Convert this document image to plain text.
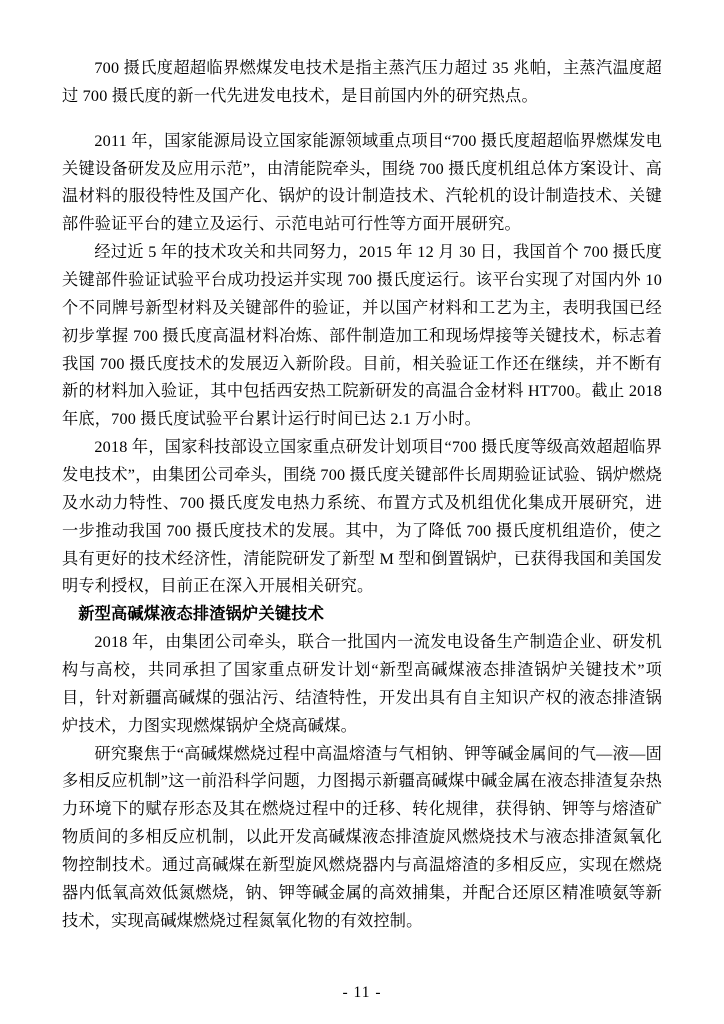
700 摄氏度超超临界燃煤发电技术是指主蒸汽压力超过 35 兆帕，主蒸汽温度超过 700 摄氏度的新一代先进发电技术，是目前国内外的研究热点。

2011 年，国家能源局设立国家能源领域重点项目“700 摄氏度超超临界燃煤发电关键设备研发及应用示范”，由清能院牵头，围绕 700 摄氏度机组总体方案设计、高温材料的服役特性及国产化、锅炉的设计制造技术、汽轮机的设计制造技术、关键部件验证平台的建立及运行、示范电站可行性等方面开展研究。

经过近 5 年的技术攻关和共同努力，2015 年 12 月 30 日，我国首个 700 摄氏度关键部件验证试验平台成功投运并实现 700 摄氏度运行。该平台实现了对国内外 10 个不同牌号新型材料及关键部件的验证，并以国产材料和工艺为主，表明我国已经初步掌握 700 摄氏度高温材料冶炼、部件制造加工和现场焊接等关键技术，标志着我国 700 摄氏度技术的发展迈入新阶段。目前，相关验证工作还在继续，并不断有新的材料加入验证，其中包括西安热工院新研发的高温合金材料 HT700。截止 2018 年底，700 摄氏度试验平台累计运行时间已达 2.1 万小时。

2018 年，国家科技部设立国家重点研发计划项目“700 摄氏度等级高效超超临界发电技术”，由集团公司牵头，围绕 700 摄氏度关键部件长周期验证试验、锅炉燃烧及水动力特性、700 摄氏度发电热力系统、布置方式及机组优化集成开展研究，进一步推动我国 700 摄氏度技术的发展。其中，为了降低 700 摄氏度机组造价，使之具有更好的技术经济性，清能院研发了新型 M 型和倒置锅炉，已获得我国和美国发明专利授权，目前正在深入开展相关研究。

新型高碱煤液态排渣锅炉关键技术

2018 年，由集团公司牵头，联合一批国内一流发电设备生产制造企业、研发机构与高校，共同承担了国家重点研发计划“新型高碱煤液态排渣锅炉关键技术”项目，针对新疆高碱煤的强沾污、结渣特性，开发出具有自主知识产权的液态排渣锅炉技术，力图实现燃煤锅炉全烧高碱煤。

研究聚焦于“高碱煤燃烧过程中高温熔渣与气相钠、钾等碱金属间的气—液—固多相反应机制”这一前沿科学问题，力图揭示新疆高碱煤中碱金属在液态排渣复杂热力环境下的赋存形态及其在燃烧过程中的迁移、转化规律，获得钠、钾等与熔渣矿物质间的多相反应机制，以此开发高碱煤液态排渣旋风燃烧技术与液态排渣氮氧化物控制技术。通过高碱煤在新型旋风燃烧器内与高温熔渣的多相反应，实现在燃烧器内低氧高效低氮燃烧，钠、钾等碱金属的高效捕集，并配合还原区精准喷氨等新技术，实现高碱煤燃烧过程氮氧化物的有效控制。

- 11 -
